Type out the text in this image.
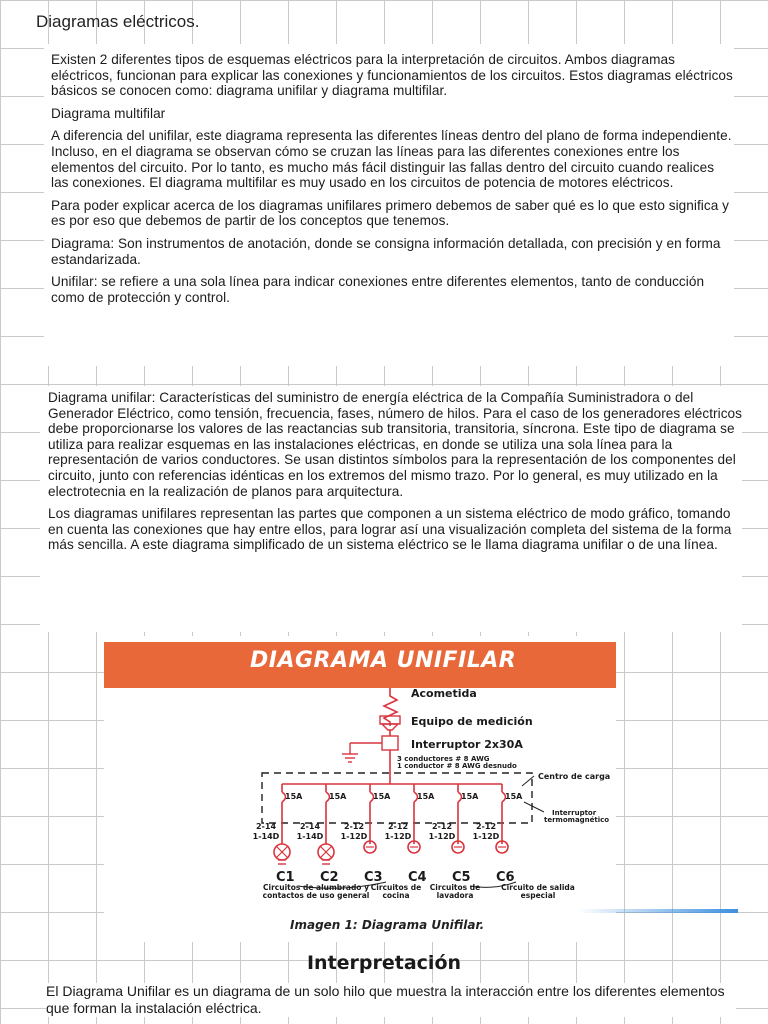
Diagramas eléctricos.

Existen 2 diferentes tipos de esquemas eléctricos para la interpretación de circuitos. Ambos diagramas eléctricos, funcionan para explicar las conexiones y funcionamientos de los circuitos. Estos diagramas eléctricos básicos se conocen como: diagrama unifilar y diagrama multifilar.

Diagrama multifilar

A diferencia del unifilar, este diagrama representa las diferentes líneas dentro del plano de forma independiente. Incluso, en el diagrama se observan cómo se cruzan las líneas para las diferentes conexiones entre los elementos del circuito. Por lo tanto, es mucho más fácil distinguir las fallas dentro del circuito cuando realices las conexiones. El diagrama multifilar es muy usado en los circuitos de potencia de motores eléctricos.

Para poder explicar acerca de los diagramas unifilares primero debemos de saber qué es lo que esto significa y es por eso que debemos de partir de los conceptos que tenemos.

Diagrama: Son instrumentos de anotación, donde se consigna información detallada, con precisión y en forma estandarizada.

Unifilar: se refiere a una sola línea para indicar conexiones entre diferentes elementos, tanto de conducción como de protección y control.

Diagrama unifilar: Características del suministro de energía eléctrica de la Compañía Suministradora o del Generador Eléctrico, como tensión, frecuencia, fases, número de hilos. Para el caso de los generadores eléctricos debe proporcionarse los valores de las reactancias sub transitoria, transitoria, síncrona. Este tipo de diagrama se utiliza para realizar esquemas en las instalaciones eléctricas, en donde se utiliza una sola línea para la representación de varios conductores. Se usan distintos símbolos para la representación de los componentes del circuito, junto con referencias idénticas en los extremos del mismo trazo. Por lo general, es muy utilizado en la electrotecnia en la realización de planos para arquitectura.

Los diagramas unifilares representan las partes que componen a un sistema eléctrico de modo gráfico, tomando en cuenta las conexiones que hay entre ellos, para lograr así una visualización completa del sistema de la forma más sencilla. A este diagrama simplificado de un sistema eléctrico se le llama diagrama unifilar o de una línea.

DIAGRAMA UNIFILAR
Acometida
Equipo de medición
Interruptor 2x30A
3 conductores # 8 AWG
1 conductor # 8 AWG desnudo
Centro de carga
Interruptor
termomagnético
15A
2-14
1-14D
C1
15A
2-14
1-14D
C2
15A
2-12
1-12D
C3
15A
2-12
1-12D
C4
15A
2-12
1-12D
C5
15A
2-12
1-12D
C6
Circuitos de alumbrado y contactos de uso general
Circuitos de cocina
Circuitos de lavadora
Circuito de salida especial
Imagen 1: Diagrama Unifilar.
Interpretación
El Diagrama Unifilar es un diagrama de un solo hilo que muestra la interacción entre los diferentes elementos que forman la instalación eléctrica.
